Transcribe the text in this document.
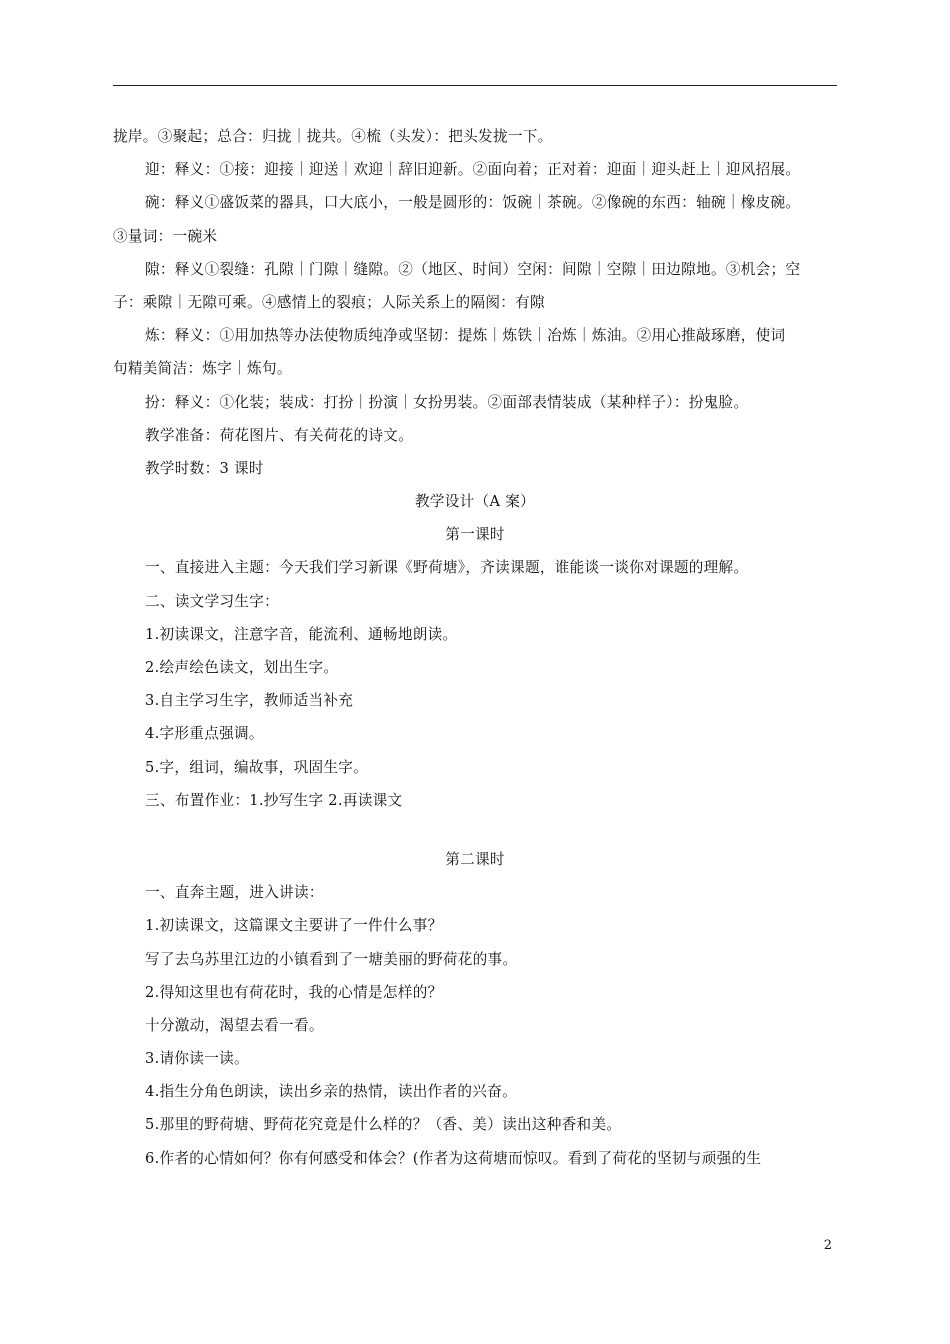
拢岸。③聚起；总合：归拢｜拢共。④梳（头发）：把头发拢一下。
迎：释义：①接：迎接｜迎送｜欢迎｜辞旧迎新。②面向着；正对着：迎面｜迎头赶上｜迎风招展。
碗：释义①盛饭菜的器具，口大底小，一般是圆形的：饭碗｜茶碗。②像碗的东西：轴碗｜橡皮碗。
③量词：一碗米
隙：释义①裂缝：孔隙｜门隙｜缝隙。②（地区、时间）空闲：间隙｜空隙｜田边隙地。③机会；空
子：乘隙｜无隙可乘。④感情上的裂痕；人际关系上的隔阂：有隙
炼：释义：①用加热等办法使物质纯净或坚韧：提炼｜炼铁｜冶炼｜炼油。②用心推敲琢磨，使词
句精美简洁：炼字｜炼句。
扮：释义：①化装；装成：打扮｜扮演｜女扮男装。②面部表情装成（某种样子）：扮鬼脸。
教学准备：荷花图片、有关荷花的诗文。
教学时数：3 课时
教学设计（A 案）
第一课时
一、直接进入主题：今天我们学习新课《野荷塘》，齐读课题，谁能谈一谈你对课题的理解。
二、读文学习生字：
1.初读课文，注意字音，能流利、通畅地朗读。
2.绘声绘色读文，划出生字。
3.自主学习生字，教师适当补充
4.字形重点强调。
5.字，组词，编故事，巩固生字。
三、布置作业：1.抄写生字 2.再读课文
第二课时
一、直奔主题，进入讲读：
1.初读课文，这篇课文主要讲了一件什么事？
写了去乌苏里江边的小镇看到了一塘美丽的野荷花的事。
2.得知这里也有荷花时，我的心情是怎样的？
十分激动，渴望去看一看。
3.请你读一读。
4.指生分角色朗读，读出乡亲的热情，读出作者的兴奋。
5.那里的野荷塘、野荷花究竟是什么样的？（香、美）读出这种香和美。
6.作者的心情如何？你有何感受和体会？(作者为这荷塘而惊叹。看到了荷花的坚韧与顽强的生
2
